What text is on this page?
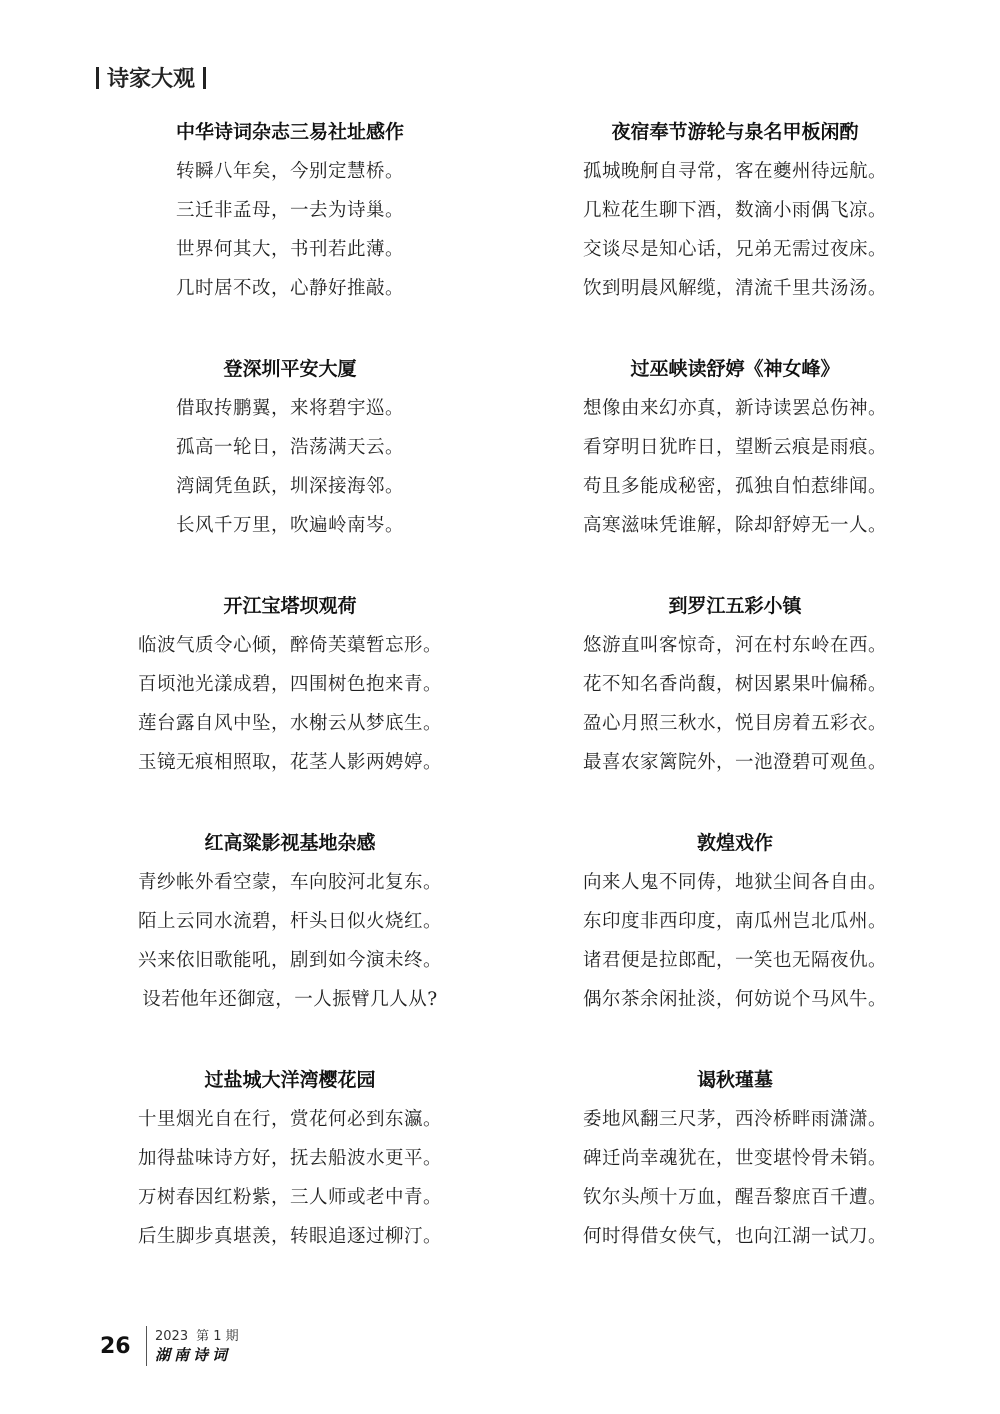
诗家大观
中华诗词杂志三易社址感作
转瞬八年矣，今别定慧桥。
三迁非孟母，一去为诗巢。
世界何其大，书刊若此薄。
几时居不改，心静好推敲。
登深圳平安大厦
借取抟鹏翼，来将碧宇巡。
孤高一轮日，浩荡满天云。
湾阔凭鱼跃，圳深接海邻。
长风千万里，吹遍岭南岑。
开江宝塔坝观荷
临波气质令心倾，醉倚芙蕖暂忘形。
百顷池光漾成碧，四围树色抱来青。
莲台露自风中坠，水榭云从梦底生。
玉镜无痕相照取，花茎人影两娉婷。
红高粱影视基地杂感
青纱帐外看空蒙，车向胶河北复东。
陌上云同水流碧，杆头日似火烧红。
兴来依旧歌能吼，剧到如今演未终。
设若他年还御寇，一人振臂几人从?
过盐城大洋湾樱花园
十里烟光自在行，赏花何必到东瀛。
加得盐味诗方好，抚去船波水更平。
万树春因红粉紫，三人师或老中青。
后生脚步真堪羡，转眼追逐过柳汀。
夜宿奉节游轮与泉名甲板闲酌
孤城晚舸自寻常，客在夔州待远航。
几粒花生聊下酒，数滴小雨偶飞凉。
交谈尽是知心话，兄弟无需过夜床。
饮到明晨风解缆，清流千里共汤汤。
过巫峡读舒婷《神女峰》
想像由来幻亦真，新诗读罢总伤神。
看穿明日犹昨日，望断云痕是雨痕。
苟且多能成秘密，孤独自怕惹绯闻。
高寒滋味凭谁解，除却舒婷无一人。
到罗江五彩小镇
悠游直叫客惊奇，河在村东岭在西。
花不知名香尚馥，树因累果叶偏稀。
盈心月照三秋水，悦目房着五彩衣。
最喜农家篱院外，一池澄碧可观鱼。
敦煌戏作
向来人鬼不同俦，地狱尘间各自由。
东印度非西印度，南瓜州岂北瓜州。
诸君便是拉郎配，一笑也无隔夜仇。
偶尔茶余闲扯淡，何妨说个马风牛。
谒秋瑾墓
委地风翻三尺茅，西泠桥畔雨潇潇。
碑迁尚幸魂犹在，世变堪怜骨未销。
钦尔头颅十万血，醒吾黎庶百千遭。
何时得借女侠气，也向江湖一试刀。
26	2023 第 1 期
湖南诗词
